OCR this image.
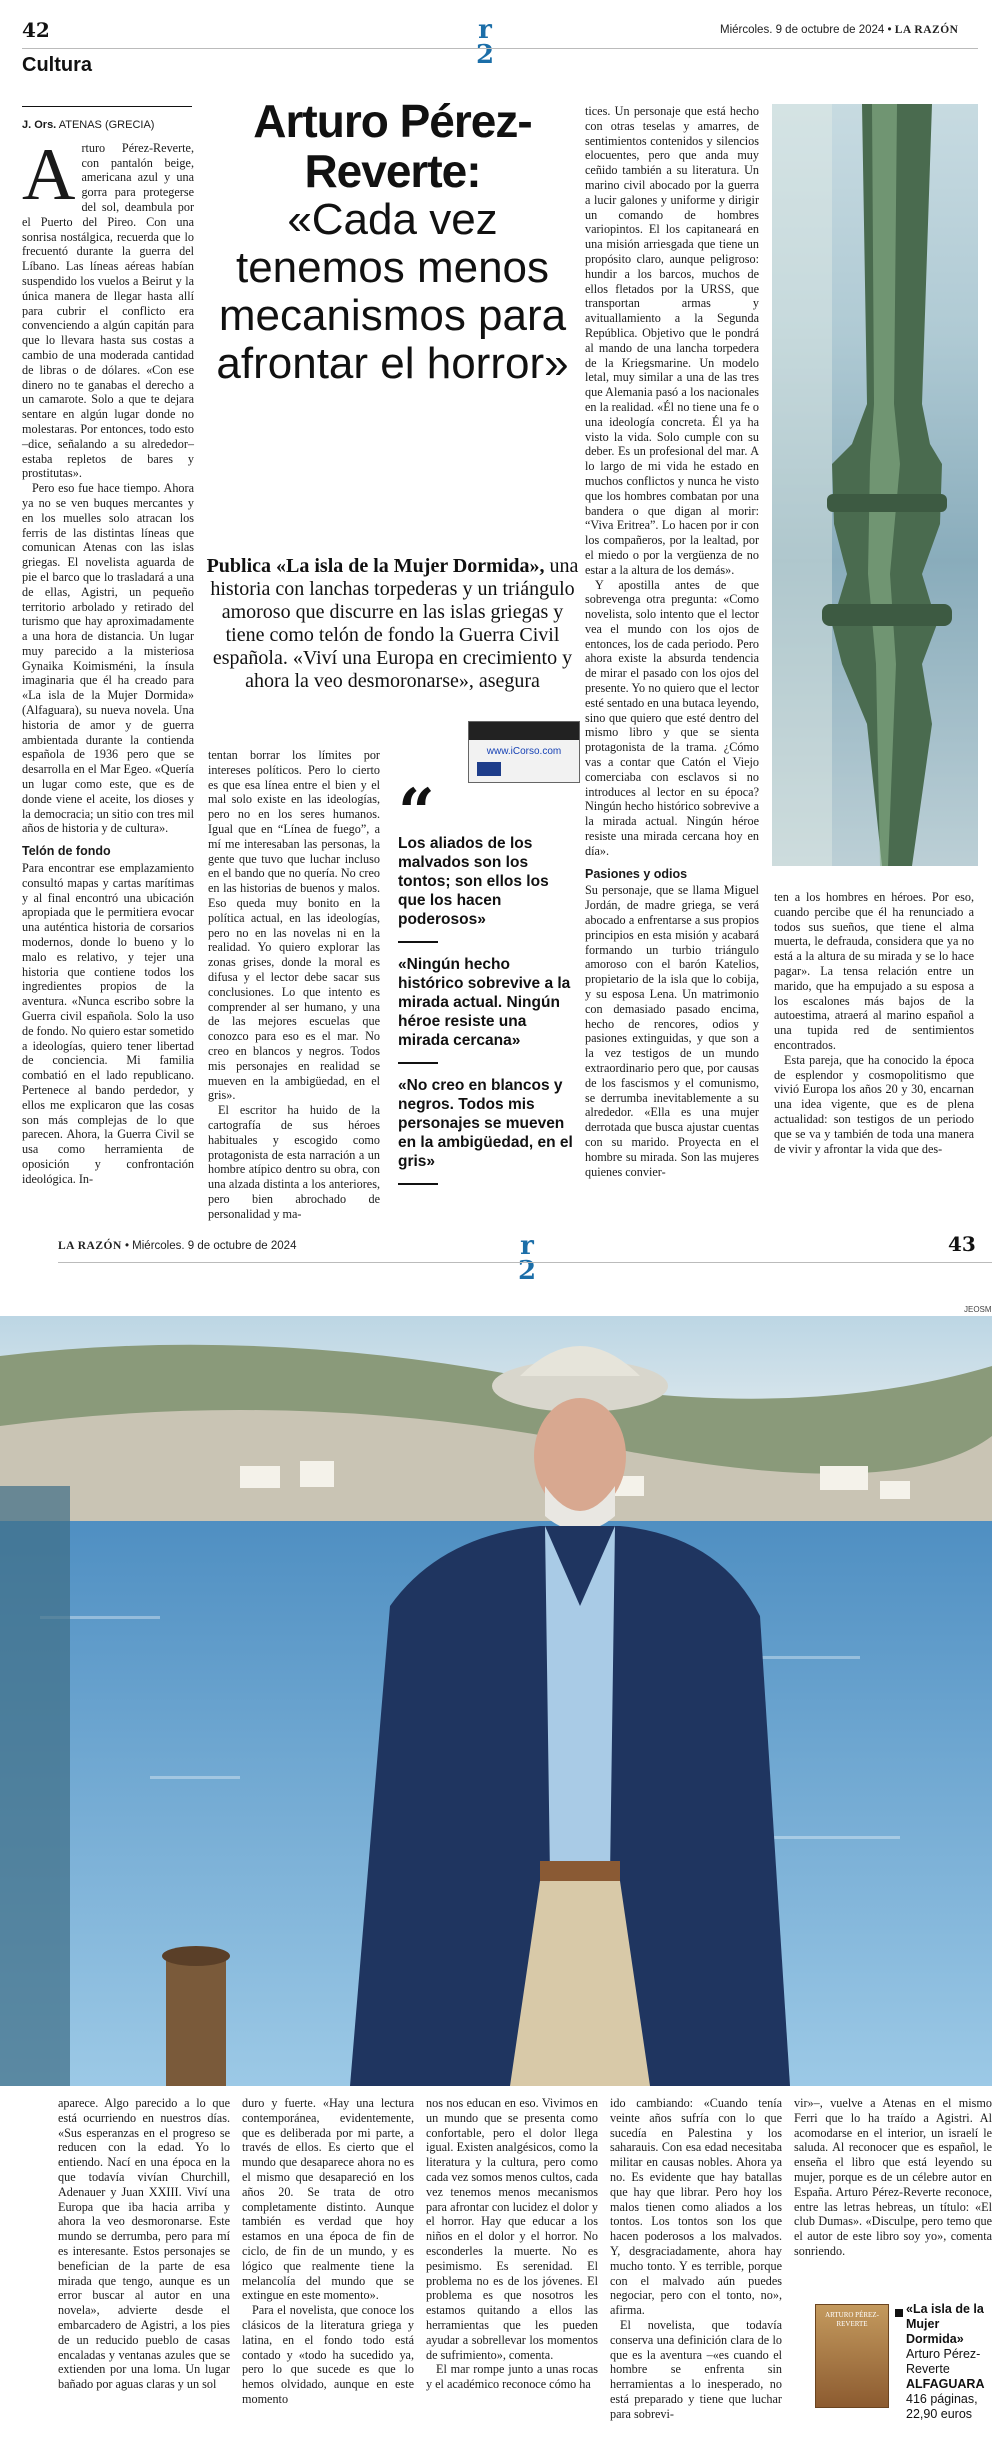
42	r
2
Miércoles. 9 de octubre de 2024 • LA RAZÓN
Cultura
J. Ors. ATENAS (GRECIA)

Arturo Pérez-Reverte, con pantalón beige, americana azul y una gorra para protegerse del sol, deambula por el Puerto del Pireo. Con una sonrisa nostálgica, recuerda que lo frecuentó durante la guerra del Líbano. Las líneas aéreas habían suspendido los vuelos a Beirut y la única manera de llegar hasta allí para cubrir el conflicto era convenciendo a algún capitán para que lo llevara hasta sus costas a cambio de una moderada cantidad de libras o de dólares. «Con ese dinero no te ganabas el derecho a un camarote. Solo a que te dejara sentare en algún lugar donde no molestaras. Por entonces, todo esto –dice, señalando a su alrededor– estaba repletos de bares y prostitutas».

Pero eso fue hace tiempo. Ahora ya no se ven buques mercantes y en los muelles solo atracan los ferris de las distintas líneas que comunican Atenas con las islas griegas. El novelista aguarda de pie el barco que lo trasladará a una de ellas, Agistri, un pequeño territorio arbolado y retirado del turismo que hay aproximadamente a una hora de distancia. Un lugar muy parecido a la misteriosa Gynaika Koimisméni, la ínsula imaginaria que él ha creado para «La isla de la Mujer Dormida» (Alfaguara), su nueva novela. Una historia de amor y de guerra ambientada durante la contienda española de 1936 pero que se desarrolla en el Mar Egeo. «Quería un lugar como este, que es de donde viene el aceite, los dioses y la democracia; un sitio con tres mil años de historia y de cultura».

Telón de fondo

Para encontrar ese emplazamiento consultó mapas y cartas marítimas y al final encontró una ubicación apropiada que le permitiera evocar una auténtica historia de corsarios modernos, donde lo bueno y lo malo es relativo, y tejer una historia que contiene todos los ingredientes propios de la aventura. «Nunca escribo sobre la Guerra civil española. Solo la uso de fondo. No quiero estar sometido a ideologías, quiero tener libertad de conciencia. Mi familia combatió en el lado republicano. Pertenece al bando perdedor, y ellos me explicaron que las cosas son más complejas de lo que parecen. Ahora, la Guerra Civil se usa como herramienta de oposición y confrontación ideológica. In-

Arturo Pérez-Reverte:
«Cada vez tenemos menos mecanismos para afrontar el horror»
Publica «La isla de la Mujer Dormida», una historia con lanchas torpederas y un triángulo amoroso que discurre en las islas griegas y tiene como telón de fondo la Guerra Civil española. «Viví una Europa en crecimiento y ahora la veo desmoronarse», asegura
www.iCorso.com

tentan borrar los límites por intereses políticos. Pero lo cierto es que esa línea entre el bien y el mal solo existe en las ideologías, pero no en los seres humanos. Igual que en “Línea de fuego”, a mí me interesaban las personas, la gente que tuvo que luchar incluso en el bando que no quería. No creo en las historias de buenos y malos. Eso queda muy bonito en la política actual, en las ideologías, pero no en las novelas ni en la realidad. Yo quiero explorar las zonas grises, donde la moral es difusa y el lector debe sacar sus conclusiones. Lo que intento es comprender al ser humano, y una de las mejores escuelas que conozco para eso es el mar. No creo en blancos y negros. Todos mis personajes en realidad se mueven en la ambigüedad, en el gris».

El escritor ha huido de la cartografía de sus héroes habituales y escogido como protagonista de esta narración a un hombre atípico dentro su obra, con una alzada distinta a los anteriores, pero bien abrochado de personalidad y ma-

“
Los aliados de los malvados son los tontos; son ellos los que los hacen poderosos»
«Ningún hecho histórico sobrevive a la mirada actual. Ningún héroe resiste una mirada cercana»
«No creo en blancos y negros. Todos mis personajes se mueven en la ambigüedad, en el gris»

tices. Un personaje que está hecho con otras teselas y amarres, de sentimientos contenidos y silencios elocuentes, pero que anda muy ceñido también a su literatura. Un marino civil abocado por la guerra a lucir galones y uniforme y dirigir un comando de hombres variopintos. El los capitaneará en una misión arriesgada que tiene un propósito claro, aunque peligroso: hundir a los barcos, muchos de ellos fletados por la URSS, que transportan armas y avituallamiento a la Segunda República. Objetivo que le pondrá al mando de una lancha torpedera de la Kriegsmarine. Un modelo letal, muy similar a una de las tres que Alemania pasó a los nacionales en la realidad. «Él no tiene una fe o una ideología concreta. Él ya ha visto la vida. Solo cumple con su deber. Es un profesional del mar. A lo largo de mi vida he estado en muchos conflictos y nunca he visto que los hombres combatan por una bandera o que digan al morir: “Viva Eritrea”. Lo hacen por ir con los compañeros, por la lealtad, por el miedo o por la vergüenza de no estar a la altura de los demás».

Y apostilla antes de que sobrevenga otra pregunta: «Como novelista, solo intento que el lector vea el mundo con los ojos de entonces, los de cada periodo. Pero ahora existe la absurda tendencia de mirar el pasado con los ojos del presente. Yo no quiero que el lector esté sentado en una butaca leyendo, sino que quiero que esté dentro del mismo libro y que se sienta protagonista de la trama. ¿Cómo vas a contar que Catón el Viejo comerciaba con esclavos si no introduces al lector en su época? Ningún hecho histórico sobrevive a la mirada actual. Ningún héroe resiste una mirada cercana hoy en día».

Pasiones y odios

Su personaje, que se llama Miguel Jordán, de madre griega, se verá abocado a enfrentarse a sus propios principios en esta misión y acabará formando un turbio triángulo amoroso con el barón Katelios, propietario de la isla que lo cobija, y su esposa Lena. Un matrimonio con demasiado pasado encima, hecho de rencores, odios y pasiones extinguidas, y que son a la vez testigos de un mundo extraordinario pero que, por causas de los fascismos y el comunismo, se derrumba inevitablemente a su alrededor. «Ella es una mujer derrotada que busca ajustar cuentas con su marido. Proyecta en el hombre su mirada. Son las mujeres quienes convier-

ten a los hombres en héroes. Por eso, cuando percibe que él ha renunciado a todos sus sueños, que tiene el alma muerta, le defrauda, considera que ya no está a la altura de su mirada y se lo hace pagar». La tensa relación entre un marido, que ha empujado a su esposa a los escalones más bajos de la autoestima, atraerá al marino español a una tupida red de sentimientos encontrados.

Esta pareja, que ha conocido la época de esplendor y cosmopolitismo que vivió Europa los años 20 y 30, encarnan una idea vigente, que es de plena actualidad: son testigos de un periodo que se va y también de toda una manera de vivir y afrontar la vida que des-

LA RAZÓN • Miércoles. 9 de octubre de 2024	r
2
43
JEOSM

aparece. Algo parecido a lo que está ocurriendo en nuestros días. «Sus esperanzas en el progreso se reducen con la edad. Yo lo entiendo. Nací en una época en la que todavía vivían Churchill, Adenauer y Juan XXIII. Viví una Europa que iba hacia arriba y ahora la veo desmoronarse. Este mundo se derrumba, pero para mí es interesante. Estos personajes se benefician de la parte de esa mirada que tengo, aunque es un error buscar al autor en una novela», advierte desde el embarcadero de Agistri, a los pies de un reducido pueblo de casas encaladas y ventanas azules que se extienden por una loma. Un lugar bañado por aguas claras y un sol

duro y fuerte. «Hay una lectura contemporánea, evidentemente, que es deliberada por mi parte, a través de ellos. Es cierto que el mundo que desaparece ahora no es el mismo que desapareció en los años 20. Se trata de otro completamente distinto. Aunque también es verdad que hoy estamos en una época de fin de ciclo, de fin de un mundo, y es lógico que realmente tiene la melancolía del mundo que se extingue en este momento».

Para el novelista, que conoce los clásicos de la literatura griega y latina, en el fondo todo está contado y «todo ha sucedido ya, pero lo que sucede es que lo hemos olvidado, aunque en este momento

nos nos educan en eso. Vivimos en un mundo que se presenta como confortable, pero el dolor llega igual. Existen analgésicos, como la literatura y la cultura, pero como cada vez somos menos cultos, cada vez tenemos menos mecanismos para afrontar con lucidez el dolor y el horror. Hay que educar a los niños en el dolor y el horror. No esconderles la muerte. No es pesimismo. Es serenidad. El problema no es de los jóvenes. El problema es que nosotros les estamos quitando a ellos las herramientas que les pueden ayudar a sobrellevar los momentos de sufrimiento», comenta.

El mar rompe junto a unas rocas y el académico reconoce cómo ha

ido cambiando: «Cuando tenía veinte años sufría con lo que sucedía en Palestina y los saharauis. Con esa edad necesitaba militar en causas nobles. Ahora ya no. Es evidente que hay batallas que hay que librar. Pero hoy los malos tienen como aliados a los tontos. Los tontos son los que hacen poderosos a los malvados. Y, desgraciadamente, ahora hay mucho tonto. Y es terrible, porque con el malvado aún puedes negociar, pero con el tonto, no», afirma.

El novelista, que todavía conserva una definición clara de lo que es la aventura –«es cuando el hombre se enfrenta sin herramientas a lo inesperado, no está preparado y tiene que luchar para sobrevi-

vir»–, vuelve a Atenas en el mismo Ferri que lo ha traído a Agistri. Al acomodarse en el interior, un israelí le saluda. Al reconocer que es español, le enseña el libro que está leyendo su mujer, porque es de un célebre autor en España. Arturo Pérez-Reverte reconoce, entre las letras hebreas, un título: «El club Dumas». «Disculpe, pero temo que el autor de este libro soy yo», comenta sonriendo.

ARTURO PÉREZ-REVERTE
«La isla de la Mujer Dormida»
Arturo Pérez-Reverte
ALFAGUARA
416 páginas,
22,90 euros
